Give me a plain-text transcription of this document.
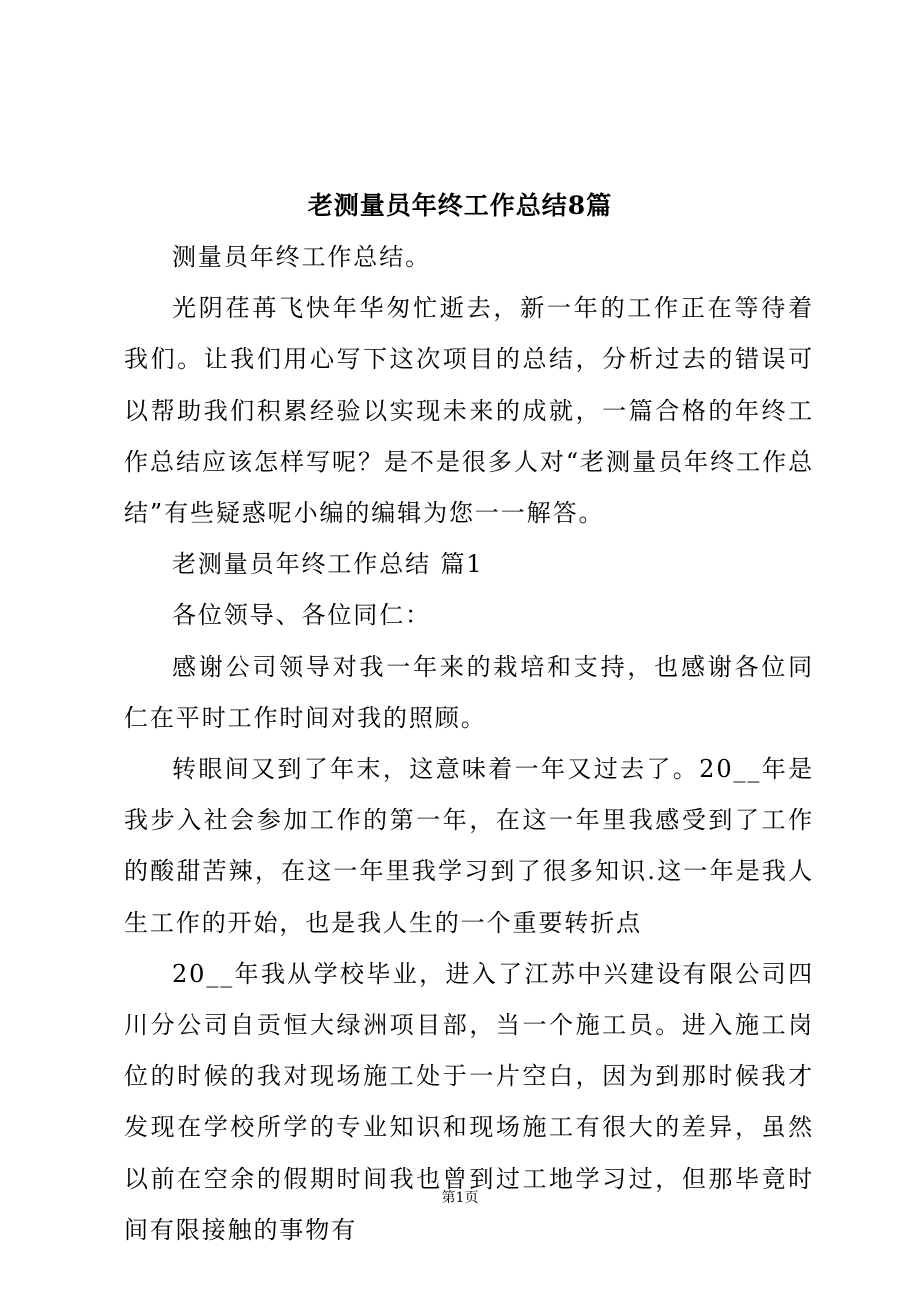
老测量员年终工作总结8篇

测量员年终工作总结。

光阴荏苒飞快年华匆忙逝去，新一年的工作正在等待着我们。让我们用心写下这次项目的总结，分析过去的错误可以帮助我们积累经验以实现未来的成就，一篇合格的年终工作总结应该怎样写呢？是不是很多人对“老测量员年终工作总结”有些疑惑呢小编的编辑为您一一解答。

老测量员年终工作总结 篇1

各位领导、各位同仁：

感谢公司领导对我一年来的栽培和支持，也感谢各位同仁在平时工作时间对我的照顾。

转眼间又到了年末，这意味着一年又过去了。20__年是我步入社会参加工作的第一年，在这一年里我感受到了工作的酸甜苦辣，在这一年里我学习到了很多知识.这一年是我人生工作的开始，也是我人生的一个重要转折点

20__年我从学校毕业，进入了江苏中兴建设有限公司四川分公司自贡恒大绿洲项目部，当一个施工员。进入施工岗位的时候的我对现场施工处于一片空白，因为到那时候我才发现在学校所学的专业知识和现场施工有很大的差异，虽然以前在空余的假期时间我也曾到过工地学习过，但那毕竟时间有限接触的事物有

第1页
